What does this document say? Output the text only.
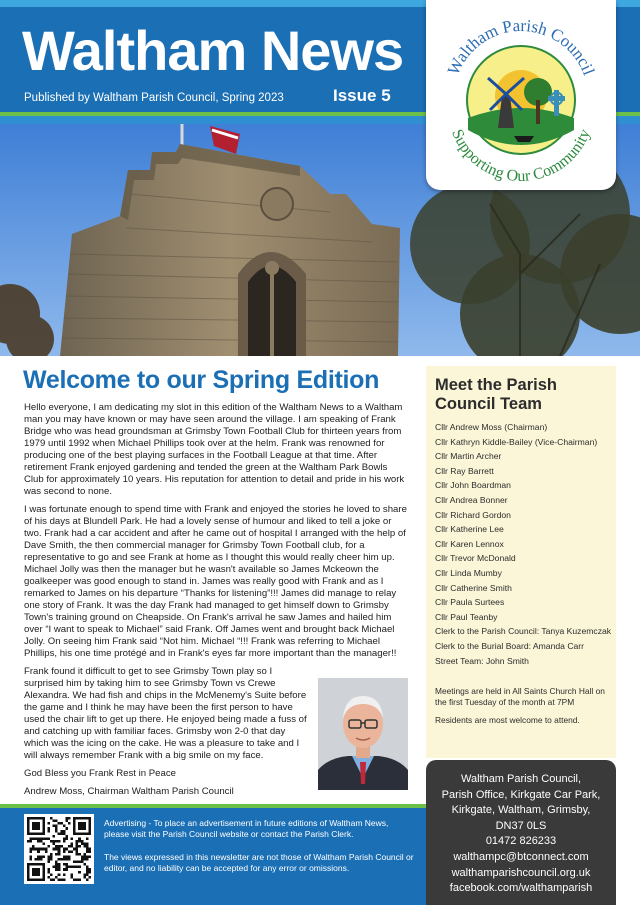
Waltham News
Published by Waltham Parish Council, Spring 2023	Issue 5
Waltham Parish Council
Supporting Our Community
Welcome to our Spring Edition

Hello everyone, I am dedicating my slot in this edition of the Waltham News to a Waltham man you may have known or may have seen around the village. I am speaking of Frank Bridge who was head groundsman at Grimsby Town Football Club for thirteen years from 1979 until 1992 when Michael Phillips took over at the helm. Frank was renowned for producing one of the best playing surfaces in the Football League at that time. After retirement Frank enjoyed gardening and tended the green at the Waltham Park Bowls Club for approximately 10 years. His reputation for attention to detail and pride in his work was second to none.

I was fortunate enough to spend time with Frank and enjoyed the stories he loved to share of his days at Blundell Park. He had a lovely sense of humour and liked to tell a joke or two. Frank had a car accident and after he came out of hospital I arranged with the help of Dave Smith, the then commercial manager for Grimsby Town Football club, for a representative to go and see Frank at home as I thought this would really cheer him up. Michael Jolly was then the manager but he wasn't available so James Mckeown the goalkeeper was good enough to stand in. James was really good with Frank and as I remarked to James on his departure “Thanks for listening”!!! James did manage to relay one story of Frank. It was the day Frank had managed to get himself down to Grimsby Town's training ground on Cheapside. On Frank's arrival he saw James and hailed him over “I want to speak to Michael” said Frank. Off James went and brought back Michael Jolly. On seeing him Frank said “Not him. Michael “!!! Frank was referring to Michael Phillips, his one time protégé and in Frank's eyes far more important than the manager!!

Frank found it difficult to get to see Grimsby Town play so I surprised him by taking him to see Grimsby Town vs Crewe Alexandra. We had fish and chips in the McMenemy's Suite before the game and I think he may have been the first person to have used the chair lift to get up there. He enjoyed being made a fuss of and catching up with familiar faces. Grimsby won 2-0 that day which was the icing on the cake. He was a pleasure to take and I will always remember Frank with a big smile on my face.

God Bless you Frank Rest in Peace

Andrew Moss, Chairman Waltham Parish Council

Meet the Parish Council Team
Cllr Andrew Moss (Chairman)
Cllr Kathryn Kiddle-Bailey (Vice-Chairman)
Cllr Martin Archer
Cllr Ray Barrett
Cllr John Boardman
Cllr Andrea Bonner
Cllr Richard Gordon
Cllr Katherine Lee
Cllr Karen Lennox
Cllr Trevor McDonald
Cllr Linda Mumby
Cllr Catherine Smith
Cllr Paula Surtees
Cllr Paul Teanby
Clerk to the Parish Council: Tanya Kuzemczak
Clerk to the Burial Board: Amanda Carr
Street Team: John Smith

Meetings are held in All Saints Church Hall on the first Tuesday of the month at 7PM

Residents are most welcome to attend.

Waltham Parish Council,
Parish Office, Kirkgate Car Park,
Kirkgate, Waltham, Grimsby,
DN37 0LS
01472 826233
walthampc@btconnect.com
walthamparishcouncil.org.uk
facebook.com/walthamparish

Advertising - To place an advertisement in future editions of Waltham News, please visit the Parish Council website or contact the Parish Clerk.

The views expressed in this newsletter are not those of Waltham Parish Council or editor, and no liability can be accepted for any error or omissions.
